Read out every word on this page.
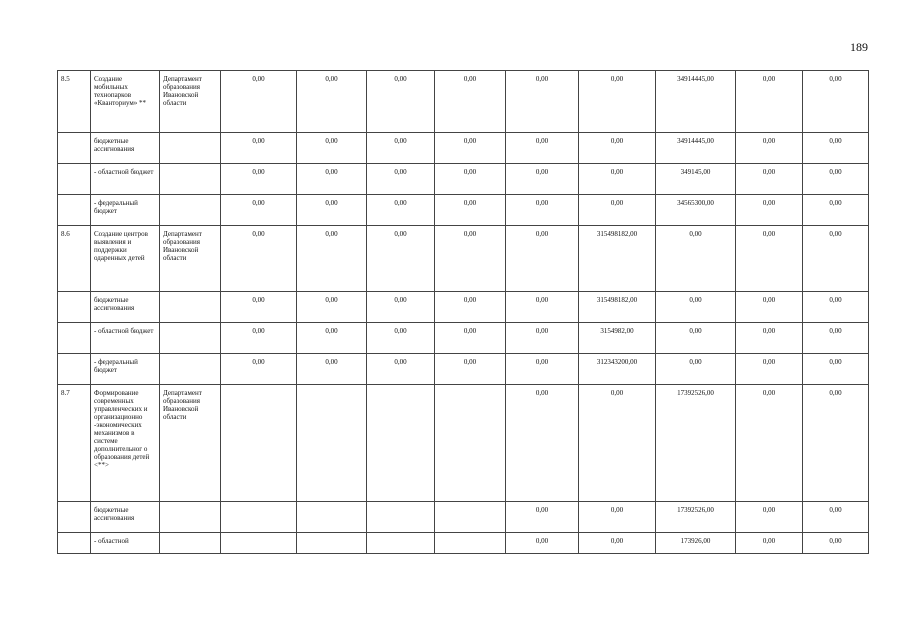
189
8.5	Создание мобильных технопарков «Кванториум» **	Департамент образования Ивановской области	0,00	0,00	0,00	0,00	0,00	0,00	34914445,00	0,00	0,00
	бюджетные ассигнования		0,00	0,00	0,00	0,00	0,00	0,00	34914445,00	0,00	0,00
	- областной бюджет		0,00	0,00	0,00	0,00	0,00	0,00	349145,00	0,00	0,00
	- федеральный бюджет		0,00	0,00	0,00	0,00	0,00	0,00	34565300,00	0,00	0,00
8.6	Создание центров выявления и поддержки одаренных детей	Департамент образования Ивановской области	0,00	0,00	0,00	0,00	0,00	315498182,00	0,00	0,00	0,00
	бюджетные ассигнования		0,00	0,00	0,00	0,00	0,00	315498182,00	0,00	0,00	0,00
	- областной бюджет		0,00	0,00	0,00	0,00	0,00	3154982,00	0,00	0,00	0,00
	- федеральный бюджет		0,00	0,00	0,00	0,00	0,00	312343200,00	0,00	0,00	0,00
8.7	Формирование современных управленческих и организационно -экономических механизмов в системе дополнительног о образования детей <**>	Департамент образования Ивановской области					0,00	0,00	17392526,00	0,00	0,00
	бюджетные ассигнования						0,00	0,00	17392526,00	0,00	0,00
	- областной						0,00	0,00	173926,00	0,00	0,00
